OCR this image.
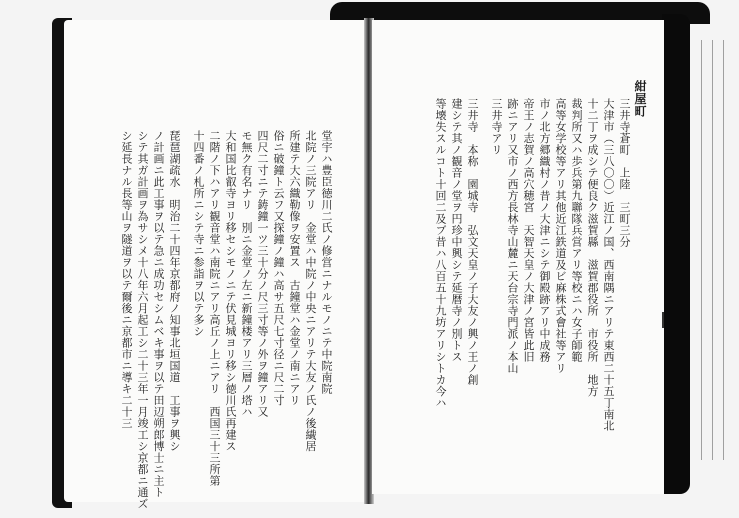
堂宇ハ豊臣徳川二氏ノ修営ニナルモノニテ中院南院
北院ノ三院アリ　金堂ハ中院ノ中央ニアリテ大友ノ氏ノ後繊居
所建テ大六織勒像ヲ安置ス　古鐘堂ハ金堂ノ南ニアリ
俗ニ破鐘ト云フ又探鐘ノ鐘ハ高サ五尺七寸径ニ尺二寸
四尺二寸ニテ鋳鐘一ツ三十分ノ尺三寸等ノ外ヲ鐘アリ又
モ無ク有名ナリ　別ニ金堂ノ左ニ新鐘楼アリ三層ノ塔ハ
大和国比叡寺ヨリ移セシモノニテ伏見城ヨリ移シ徳川氏再建ス
二階ノ下ハアリ観音堂ハ南院ニアリ高丘ノ上ニアリ　西国三十三所第
十四番ノ札所ニシテ寺ニ参詣ヲ以テ多シ
琵琶湖疏水　明治二十四年京都府ノ知事北垣国道　工事ヲ興シ
ノ計画ニ此工事ヲ以テ急ニ成功セシムベキ事ヲ以テ田辺朔郎博士ニ主ト
シテ其ガ計画ヲ為サシメ十八年六月起工シ二十三年一月竣工シ京都ニ通ズ
シ延長ナル長等山ヲ隧道ヲ以テ爾後ニ京都市ニ導キ二十三
紺屋町
三井寺蒼町　上陸　三町三分
大津市（三八〇〇）近江ノ国、西南隅ニアリテ東西二十五丁南北
十二丁ヲ成シテ便良ク滋賀縣　滋賀郡役所　市役所　地方
裁判所又ハ歩兵第九聯隊兵営アリ等校ニハ女子師範
高等女学校等アリ其他近江鉄道及ビ麻株式會社等アリ
市ノ北方郷織村ノ昔ノ大津ニシテ御殿跡アリ中成務
帝王ノ志賀ノ高穴穂宮　天智天皇ノ大津ノ宮皆此旧
跡ニアリ又市ノ西方長林寺山麓ニ天台宗寺門派ノ本山
三井寺アリ
三井寺　本称　園城寺　弘文天皇ノ子大友ノ興ノ王ノ創
建シテ其ノ観音ノ堂ヲ円珍中興シテ延暦寺ノ別トス
等壊失スルコト十回二及ブ昔ハ八百五十九坊アリシトカ今ハ
